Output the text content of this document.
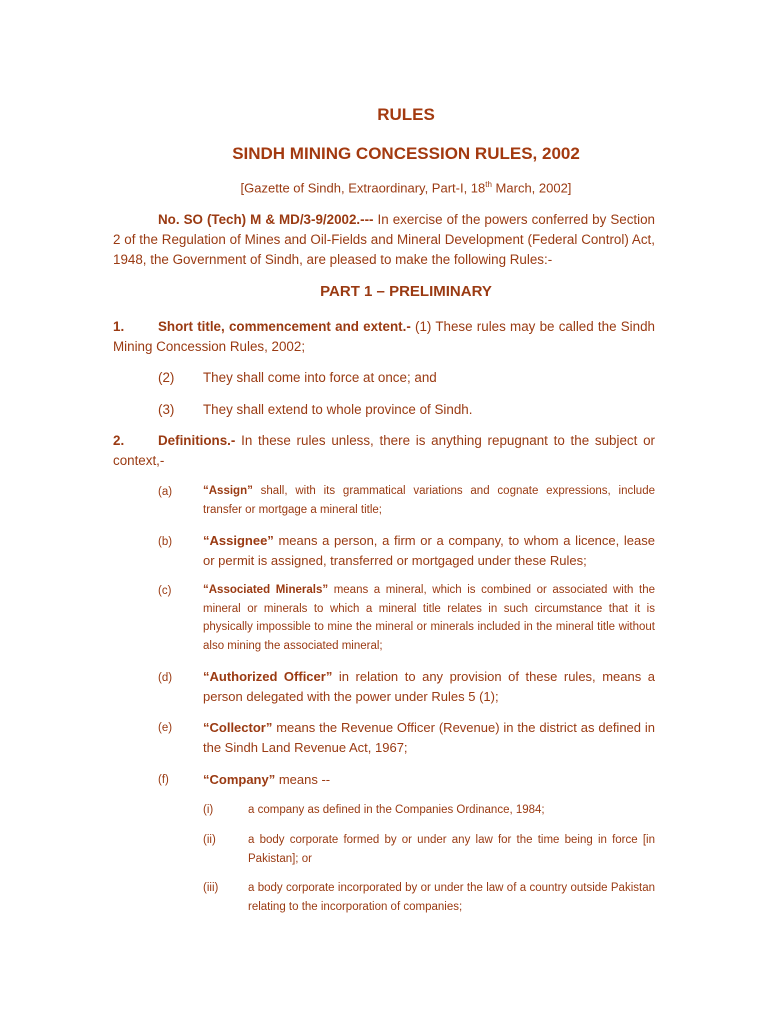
RULES
SINDH MINING CONCESSION RULES, 2002
[Gazette of Sindh, Extraordinary, Part-I, 18th March, 2002]
No. SO (Tech) M & MD/3-9/2002.--- In exercise of the powers conferred by Section 2 of the Regulation of Mines and Oil-Fields and Mineral Development (Federal Control) Act, 1948, the Government of Sindh, are pleased to make the following Rules:-
PART 1 – PRELIMINARY
1.	Short title, commencement and extent.- (1) These rules may be called the Sindh Mining Concession Rules, 2002;
(2) They shall come into force at once; and
(3) They shall extend to whole province of Sindh.
2.	Definitions.- In these rules unless, there is anything repugnant to the subject or context,-
(a)	“Assign” shall, with its grammatical variations and cognate expressions, include transfer or mortgage a mineral title;
(b) “Assignee” means a person, a firm or a company, to whom a licence, lease or permit is assigned, transferred or mortgaged under these Rules;
(c)	“Associated Minerals” means a mineral, which is combined or associated with the mineral or minerals to which a mineral title relates in such circumstance that it is physically impossible to mine the mineral or minerals included in the mineral title without also mining the associated mineral;
(d) “Authorized Officer” in relation to any provision of these rules, means a person delegated with the power under Rules 5 (1);
(e) “Collector” means the Revenue Officer (Revenue) in the district as defined in the Sindh Land Revenue Act, 1967;
(f)	“Company” means --
(i)	a company as defined in the Companies Ordinance, 1984;
(ii)	a body corporate formed by or under any law for the time being in force [in Pakistan]; or
(iii)	a body corporate incorporated by or under the law of a country outside Pakistan relating to the incorporation of companies;
